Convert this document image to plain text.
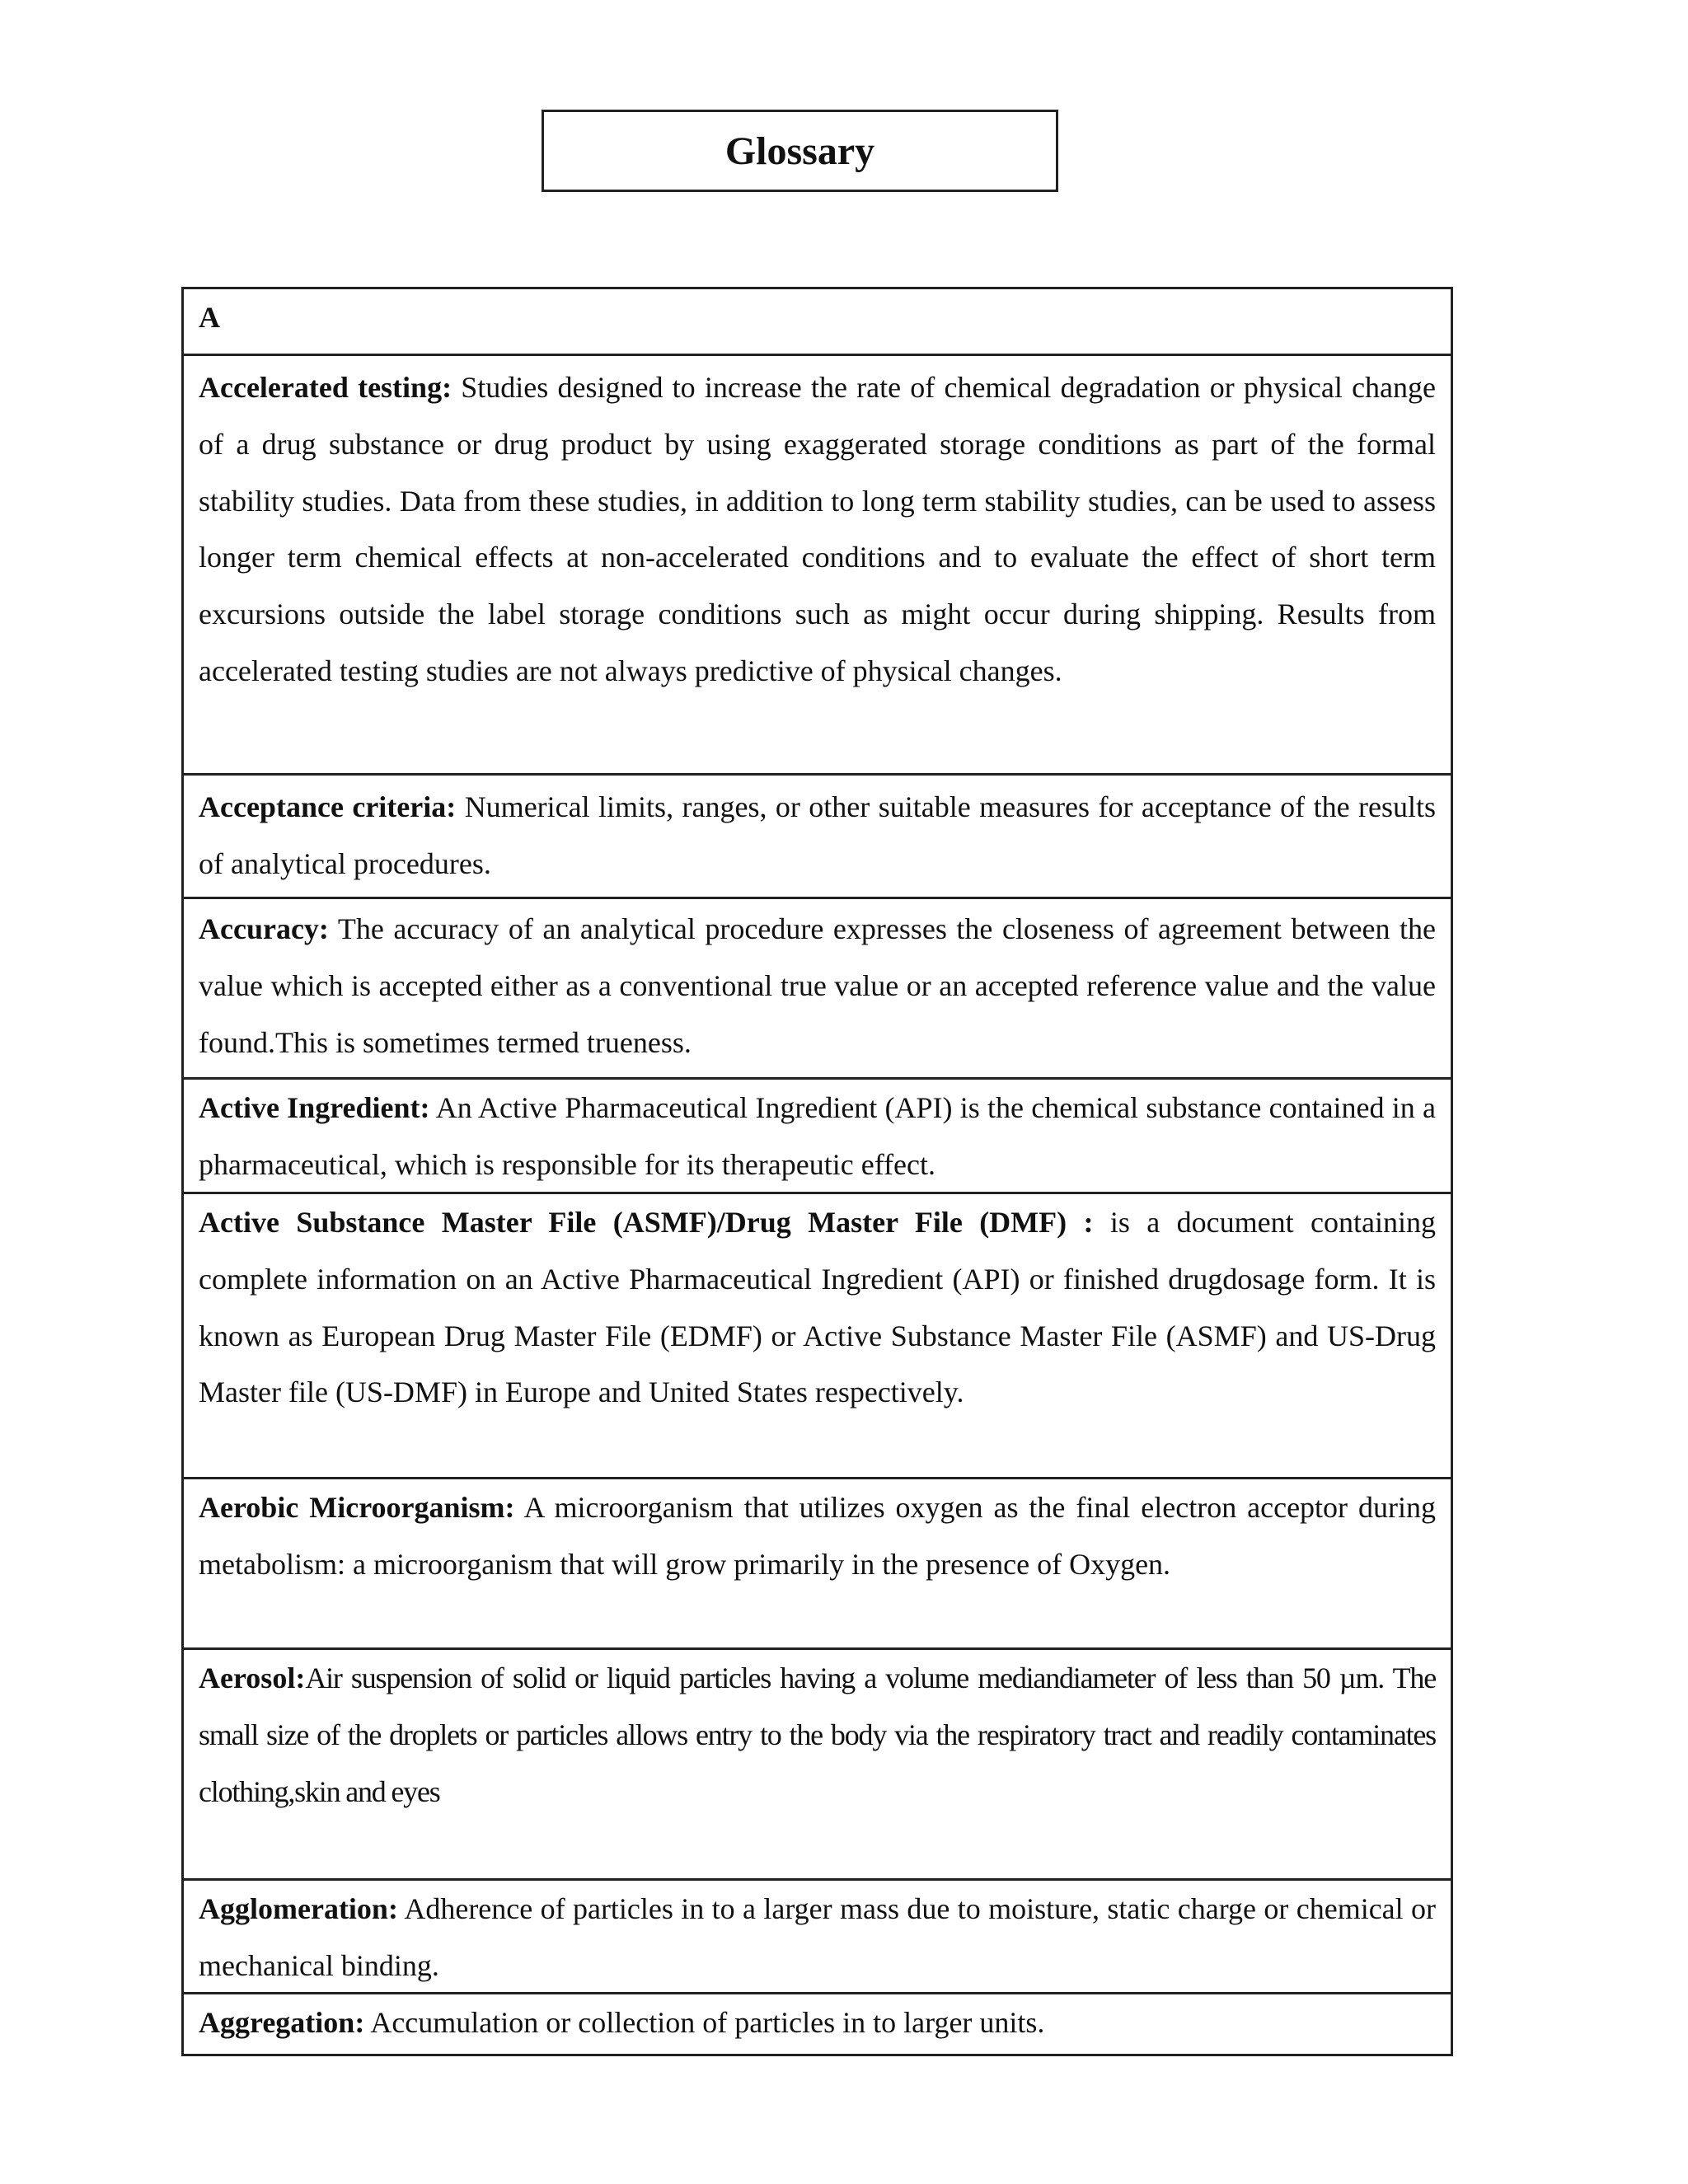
Glossary
A
Accelerated testing: Studies designed to increase the rate of chemical degradation or physical change of a drug substance or drug product by using exaggerated storage conditions as part of the formal stability studies. Data from these studies, in addition to long term stability studies, can be used to assess longer term chemical effects at non-accelerated conditions and to evaluate the effect of short term excursions outside the label storage conditions such as might occur during shipping. Results from accelerated testing studies are not always predictive of physical changes.
Acceptance criteria: Numerical limits, ranges, or other suitable measures for acceptance of the results of analytical procedures.
Accuracy: The accuracy of an analytical procedure expresses the closeness of agreement between the value which is accepted either as a conventional true value or an accepted reference value and the value found.This is sometimes termed trueness.
Active Ingredient: An Active Pharmaceutical Ingredient (API) is the chemical substance contained in a pharmaceutical, which is responsible for its therapeutic effect.
Active Substance Master File (ASMF)/Drug Master File (DMF) : is a document containing complete information on an Active Pharmaceutical Ingredient (API) or finished drugdosage form. It is known as European Drug Master File (EDMF) or Active Substance Master File (ASMF) and US-Drug Master file (US-DMF) in Europe and United States respectively.
Aerobic Microorganism: A microorganism that utilizes oxygen as the final electron acceptor during metabolism: a microorganism that will grow primarily in the presence of Oxygen.
Aerosol:Air suspension of solid or liquid particles having a volume mediandiameter of less than 50 µm. The small size of the droplets or particles allows entry to the body via the respiratory tract and readily contaminates clothing,skin and eyes
Agglomeration: Adherence of particles in to a larger mass due to moisture, static charge or chemical or mechanical binding.
Aggregation: Accumulation or collection of particles in to larger units.
